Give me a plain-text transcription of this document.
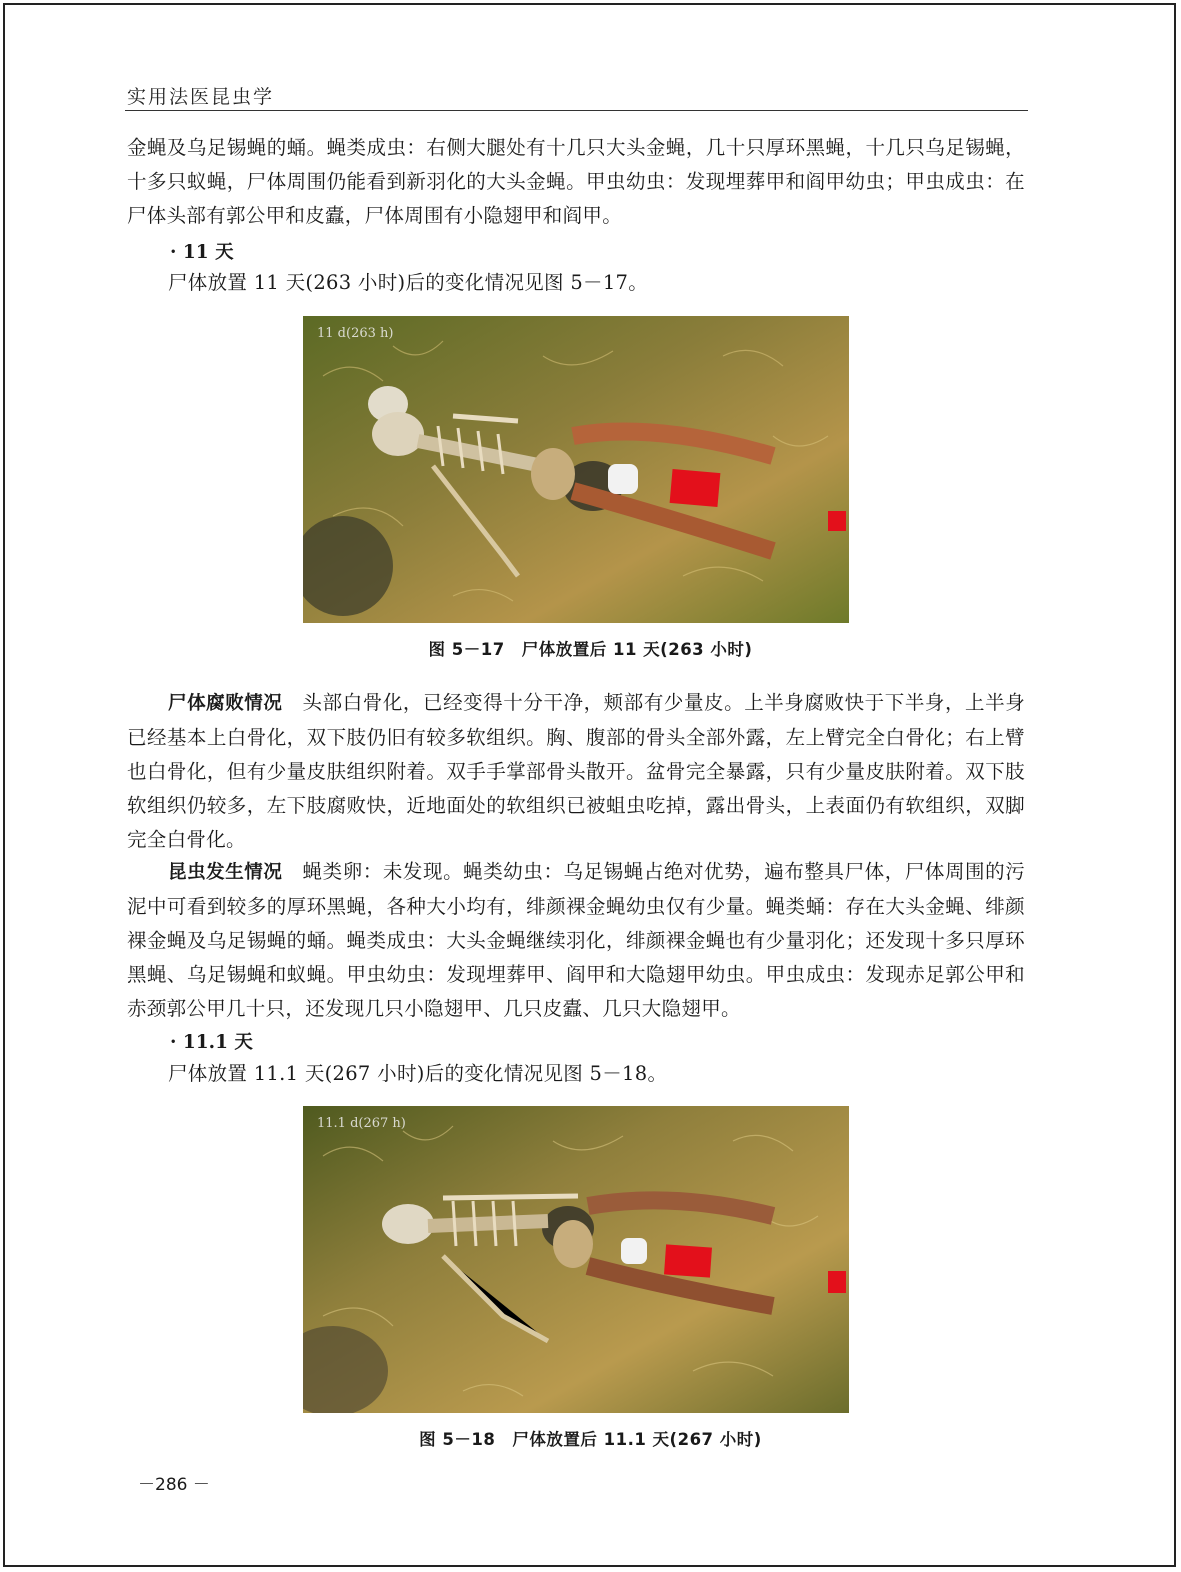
实用法医昆虫学

金蝇及乌足锡蝇的蛹。蝇类成虫：右侧大腿处有十几只大头金蝇，几十只厚环黑蝇，十几只乌足锡蝇，十多只蚁蝇，尸体周围仍能看到新羽化的大头金蝇。甲虫幼虫：发现埋葬甲和阎甲幼虫；甲虫成虫：在尸体头部有郭公甲和皮蠹，尸体周围有小隐翅甲和阎甲。

· 11 天

尸体放置 11 天(263 小时)后的变化情况见图 5－17。

11 d(263 h)
图 5－17　尸体放置后 11 天(263 小时)

尸体腐败情况　头部白骨化，已经变得十分干净，颊部有少量皮。上半身腐败快于下半身，上半身已经基本上白骨化，双下肢仍旧有较多软组织。胸、腹部的骨头全部外露，左上臂完全白骨化；右上臂也白骨化，但有少量皮肤组织附着。双手手掌部骨头散开。盆骨完全暴露，只有少量皮肤附着。双下肢软组织仍较多，左下肢腐败快，近地面处的软组织已被蛆虫吃掉，露出骨头，上表面仍有软组织，双脚完全白骨化。

昆虫发生情况　蝇类卵：未发现。蝇类幼虫：乌足锡蝇占绝对优势，遍布整具尸体，尸体周围的污泥中可看到较多的厚环黑蝇，各种大小均有，绯颜裸金蝇幼虫仅有少量。蝇类蛹：存在大头金蝇、绯颜裸金蝇及乌足锡蝇的蛹。蝇类成虫：大头金蝇继续羽化，绯颜裸金蝇也有少量羽化；还发现十多只厚环黑蝇、乌足锡蝇和蚁蝇。甲虫幼虫：发现埋葬甲、阎甲和大隐翅甲幼虫。甲虫成虫：发现赤足郭公甲和赤颈郭公甲几十只，还发现几只小隐翅甲、几只皮蠹、几只大隐翅甲。

· 11.1 天

尸体放置 11.1 天(267 小时)后的变化情况见图 5－18。

11.1 d(267 h)
图 5－18　尸体放置后 11.1 天(267 小时)
－286 －
